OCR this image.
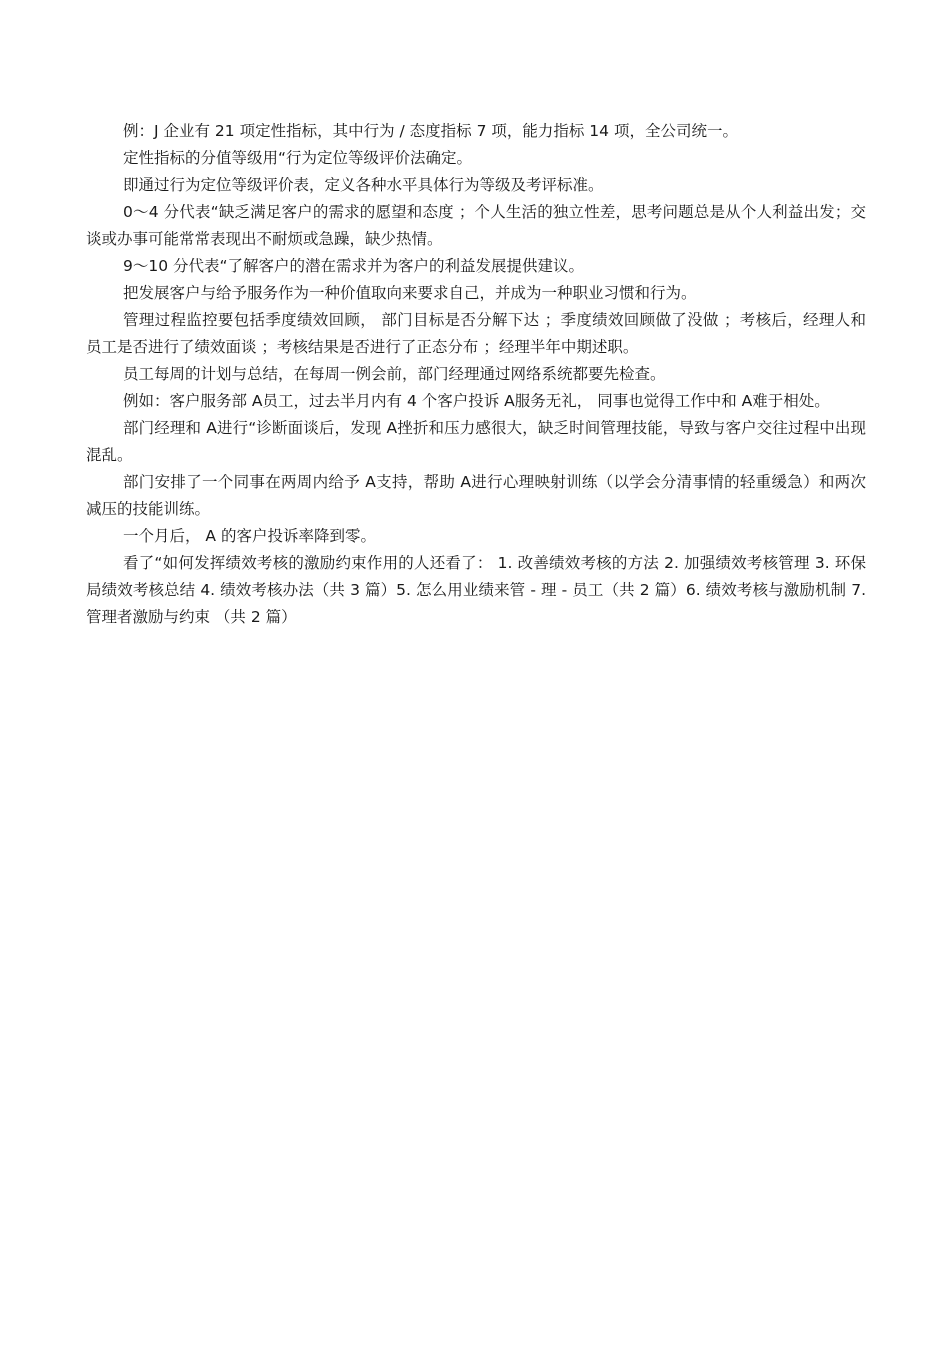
例：J 企业有 21 项定性指标，其中行为 / 态度指标 7 项，能力指标 14 项，全公司统一。

定性指标的分值等级用“行为定位等级评价法确定。

即通过行为定位等级评价表，定义各种水平具体行为等级及考评标准。

0～4 分代表“缺乏满足客户的需求的愿望和态度 ；个人生活的独立性差，思考问题总是从个人利益出发；交谈或办事可能常常表现出不耐烦或急躁，缺少热情。

9～10 分代表“了解客户的潜在需求并为客户的利益发展提供建议。

把发展客户与给予服务作为一种价值取向来要求自己，并成为一种职业习惯和行为。

管理过程监控要包括季度绩效回顾， 部门目标是否分解下达 ；季度绩效回顾做了没做 ；考核后，经理人和员工是否进行了绩效面谈 ；考核结果是否进行了正态分布 ；经理半年中期述职。

员工每周的计划与总结，在每周一例会前，部门经理通过网络系统都要先检查。

例如：客户服务部 A员工，过去半月内有 4 个客户投诉 A服务无礼， 同事也觉得工作中和 A难于相处。

部门经理和 A进行“诊断面谈后，发现 A挫折和压力感很大，缺乏时间管理技能，导致与客户交往过程中出现混乱。

部门安排了一个同事在两周内给予 A支持，帮助 A进行心理映射训练（以学会分清事情的轻重缓急）和两次减压的技能训练。

一个月后， A 的客户投诉率降到零。

看了“如何发挥绩效考核的激励约束作用的人还看了： 1. 改善绩效考核的方法 2. 加强绩效考核管理 3. 环保局绩效考核总结 4. 绩效考核办法（共 3 篇）5. 怎么用业绩来管 - 理 - 员工（共 2 篇）6. 绩效考核与激励机制 7. 管理者激励与约束 （共 2 篇）
